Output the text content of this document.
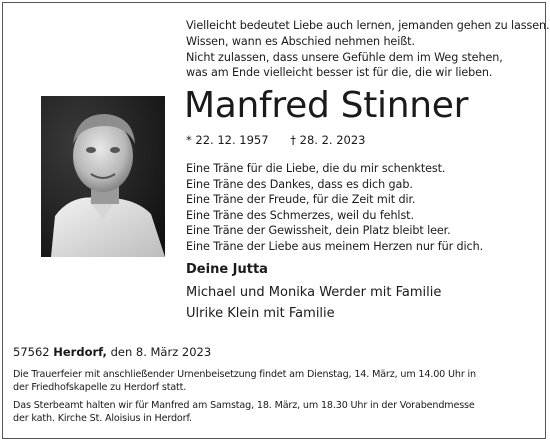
Vielleicht bedeutet Liebe auch lernen, jemanden gehen zu lassen.
Wissen, wann es Abschied nehmen heißt.
Nicht zulassen, dass unsere Gefühle dem im Weg stehen,
was am Ende vielleicht besser ist für die, die wir lieben.
Manfred Stinner
* 22. 12. 1957 † 28. 2. 2023
Eine Träne für die Liebe, die du mir schenktest.
Eine Träne des Dankes, dass es dich gab.
Eine Träne der Freude, für die Zeit mit dir.
Eine Träne des Schmerzes, weil du fehlst.
Eine Träne der Gewissheit, dein Platz bleibt leer.
Eine Träne der Liebe aus meinem Herzen nur für dich.
Deine Jutta
Michael und Monika Werder mit Familie
Ulrike Klein mit Familie
57562 Herdorf, den 8. März 2023
Die Trauerfeier mit anschließender Urnenbeisetzung findet am Dienstag, 14. März, um 14.00 Uhr in
der Friedhofskapelle zu Herdorf statt.
Das Sterbeamt halten wir für Manfred am Samstag, 18. März, um 18.30 Uhr in der Vorabendmesse
der kath. Kirche St. Aloisius in Herdorf.
